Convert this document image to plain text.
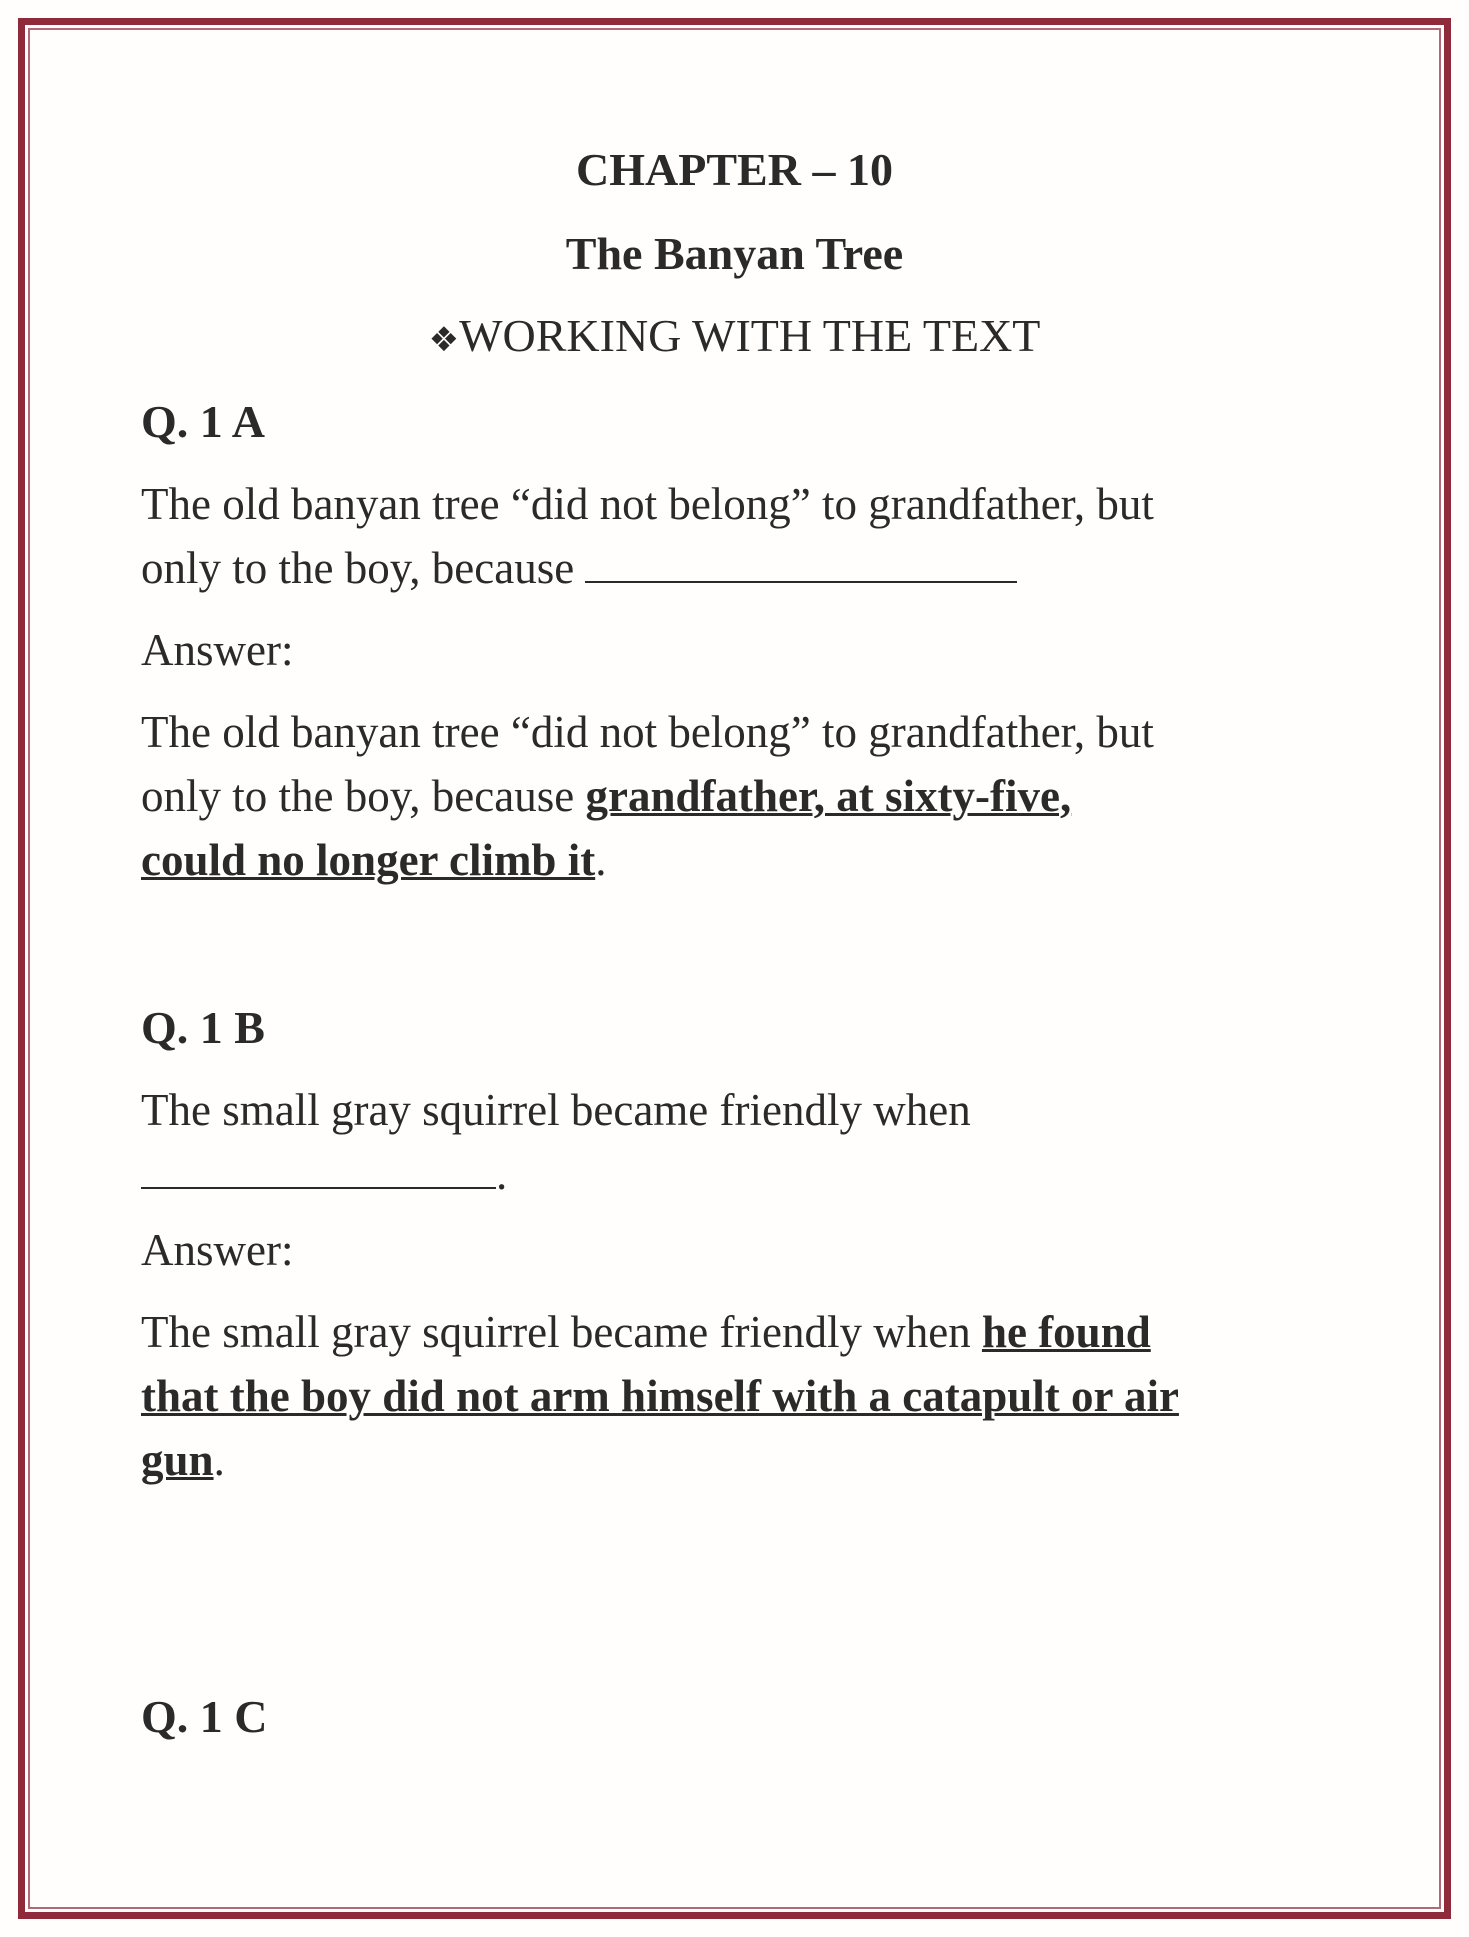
CHAPTER – 10
The Banyan Tree
❖WORKING WITH THE TEXT

Q. 1 A

The old banyan tree “did not belong” to grandfather, but
only to the boy, because

Answer:

The old banyan tree “did not belong” to grandfather, but
only to the boy, because grandfather, at sixty-five,
could no longer climb it.

Q. 1 B

The small gray squirrel became friendly when
.

Answer:

The small gray squirrel became friendly when he found
that the boy did not arm himself with a catapult or air
gun.

Q. 1 C
